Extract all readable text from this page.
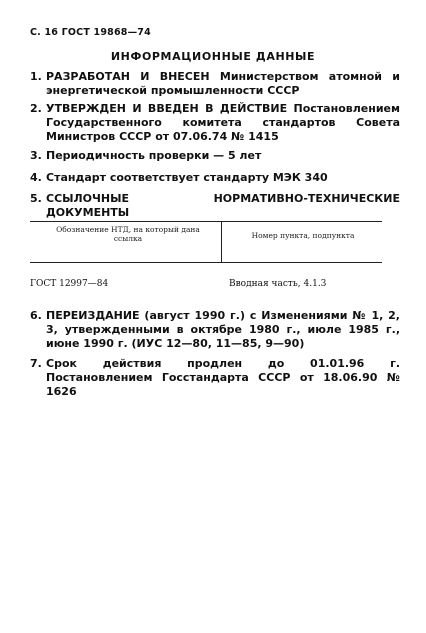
С. 16 ГОСТ 19868—74
ИНФОРМАЦИОННЫЕ ДАННЫЕ
1. РАЗРАБОТАН И ВНЕСЕН Министерством атомной и энергетической промышленности СССР
2. УТВЕРЖДЕН И ВВЕДЕН В ДЕЙСТВИЕ Постановлением Государственного комитета стандартов Совета Министров СССР от 07.06.74 № 1415
3. Периодичность проверки — 5 лет
4. Стандарт соответствует стандарту МЭК 340
5. ССЫЛОЧНЫЕ НОРМАТИВНО-ТЕХНИЧЕСКИЕ ДОКУМЕНТЫ
Обозначение НТД, на который дана ссылка	Номер пункта, подпункта
ГОСТ 12997—84	Вводная часть, 4.1.3
6. ПЕРЕИЗДАНИЕ (август 1990 г.) с Изменениями № 1, 2, 3, утвержденными в октябре 1980 г., июле 1985 г., июне 1990 г. (ИУС 12—80, 11—85, 9—90)
7. Срок действия продлен до 01.01.96 г. Постановлением Госстандарта СССР от 18.06.90 № 1626
